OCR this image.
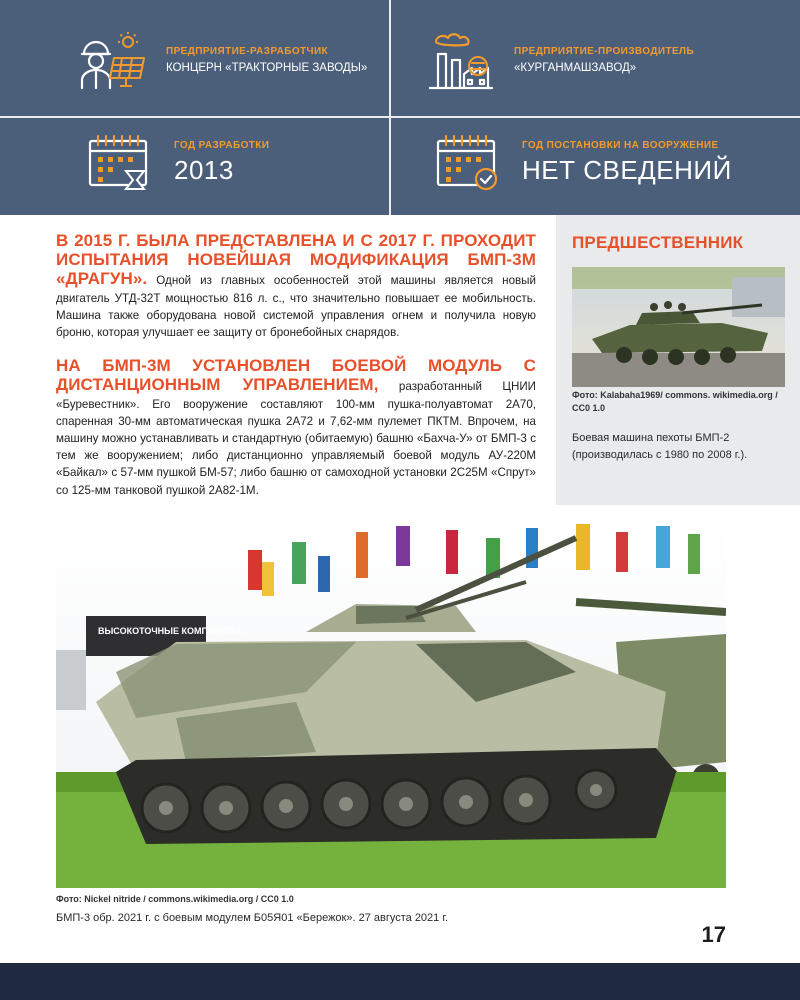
ПРЕДПРИЯТИЕ-РАЗРАБОТЧИК
КОНЦЕРН «ТРАКТОРНЫЕ ЗАВОДЫ»
ПРЕДПРИЯТИЕ-ПРОИЗВОДИТЕЛЬ
«КУРГАНМАШЗАВОД»
ГОД РАЗРАБОТКИ
2013
ГОД ПОСТАНОВКИ НА ВООРУЖЕНИЕ
НЕТ СВЕДЕНИЙ

В 2015 Г. БЫЛА ПРЕДСТАВЛЕНА И С 2017 Г. ПРОХОДИТ ИСПЫТАНИЯ НОВЕЙШАЯ МОДИФИКАЦИЯ БМП-3М «ДРАГУН». Одной из главных особенностей этой машины является новый двигатель УТД-32Т мощностью 816 л. с., что значительно повышает ее мобильность. Машина также оборудована новой системой управления огнем и получила новую броню, которая улучшает ее защиту от бронебойных снарядов.

НА БМП-3М УСТАНОВЛЕН БОЕВОЙ МОДУЛЬ С ДИСТАНЦИОННЫМ УПРАВЛЕНИЕМ, разработанный ЦНИИ «Буревестник». Его вооружение составляют 100-мм пушка-полуавтомат 2А70, спаренная 30-мм автоматическая пушка 2А72 и 7,62-мм пулемет ПКТМ. Впрочем, на машину можно устанавливать и стандартную (обитаемую) башню «Бахча-У» от БМП-3 с тем же вооружением; либо дистанционно управляемый боевой модуль АУ-220М «Байкал» с 57-мм пушкой БМ-57; либо башню от самоходной установки 2С25М «Спрут» со 125-мм танковой пушкой 2А82-1М.

ПРЕДШЕСТВЕННИК
Фото: Kalabaha1969/ commons. wikimedia.org / CC0 1.0
Боевая машина пехоты БМП-2 (производилась с 1980 по 2008 г.).
ВЫСОКОТОЧНЫЕ КОМПЛЕКСЫ
Фото: Nickel nitride / commons.wikimedia.org / CC0 1.0
БМП-3 обр. 2021 г. с боевым модулем Б05Я01 «Бережок». 27 августа 2021 г.
17
